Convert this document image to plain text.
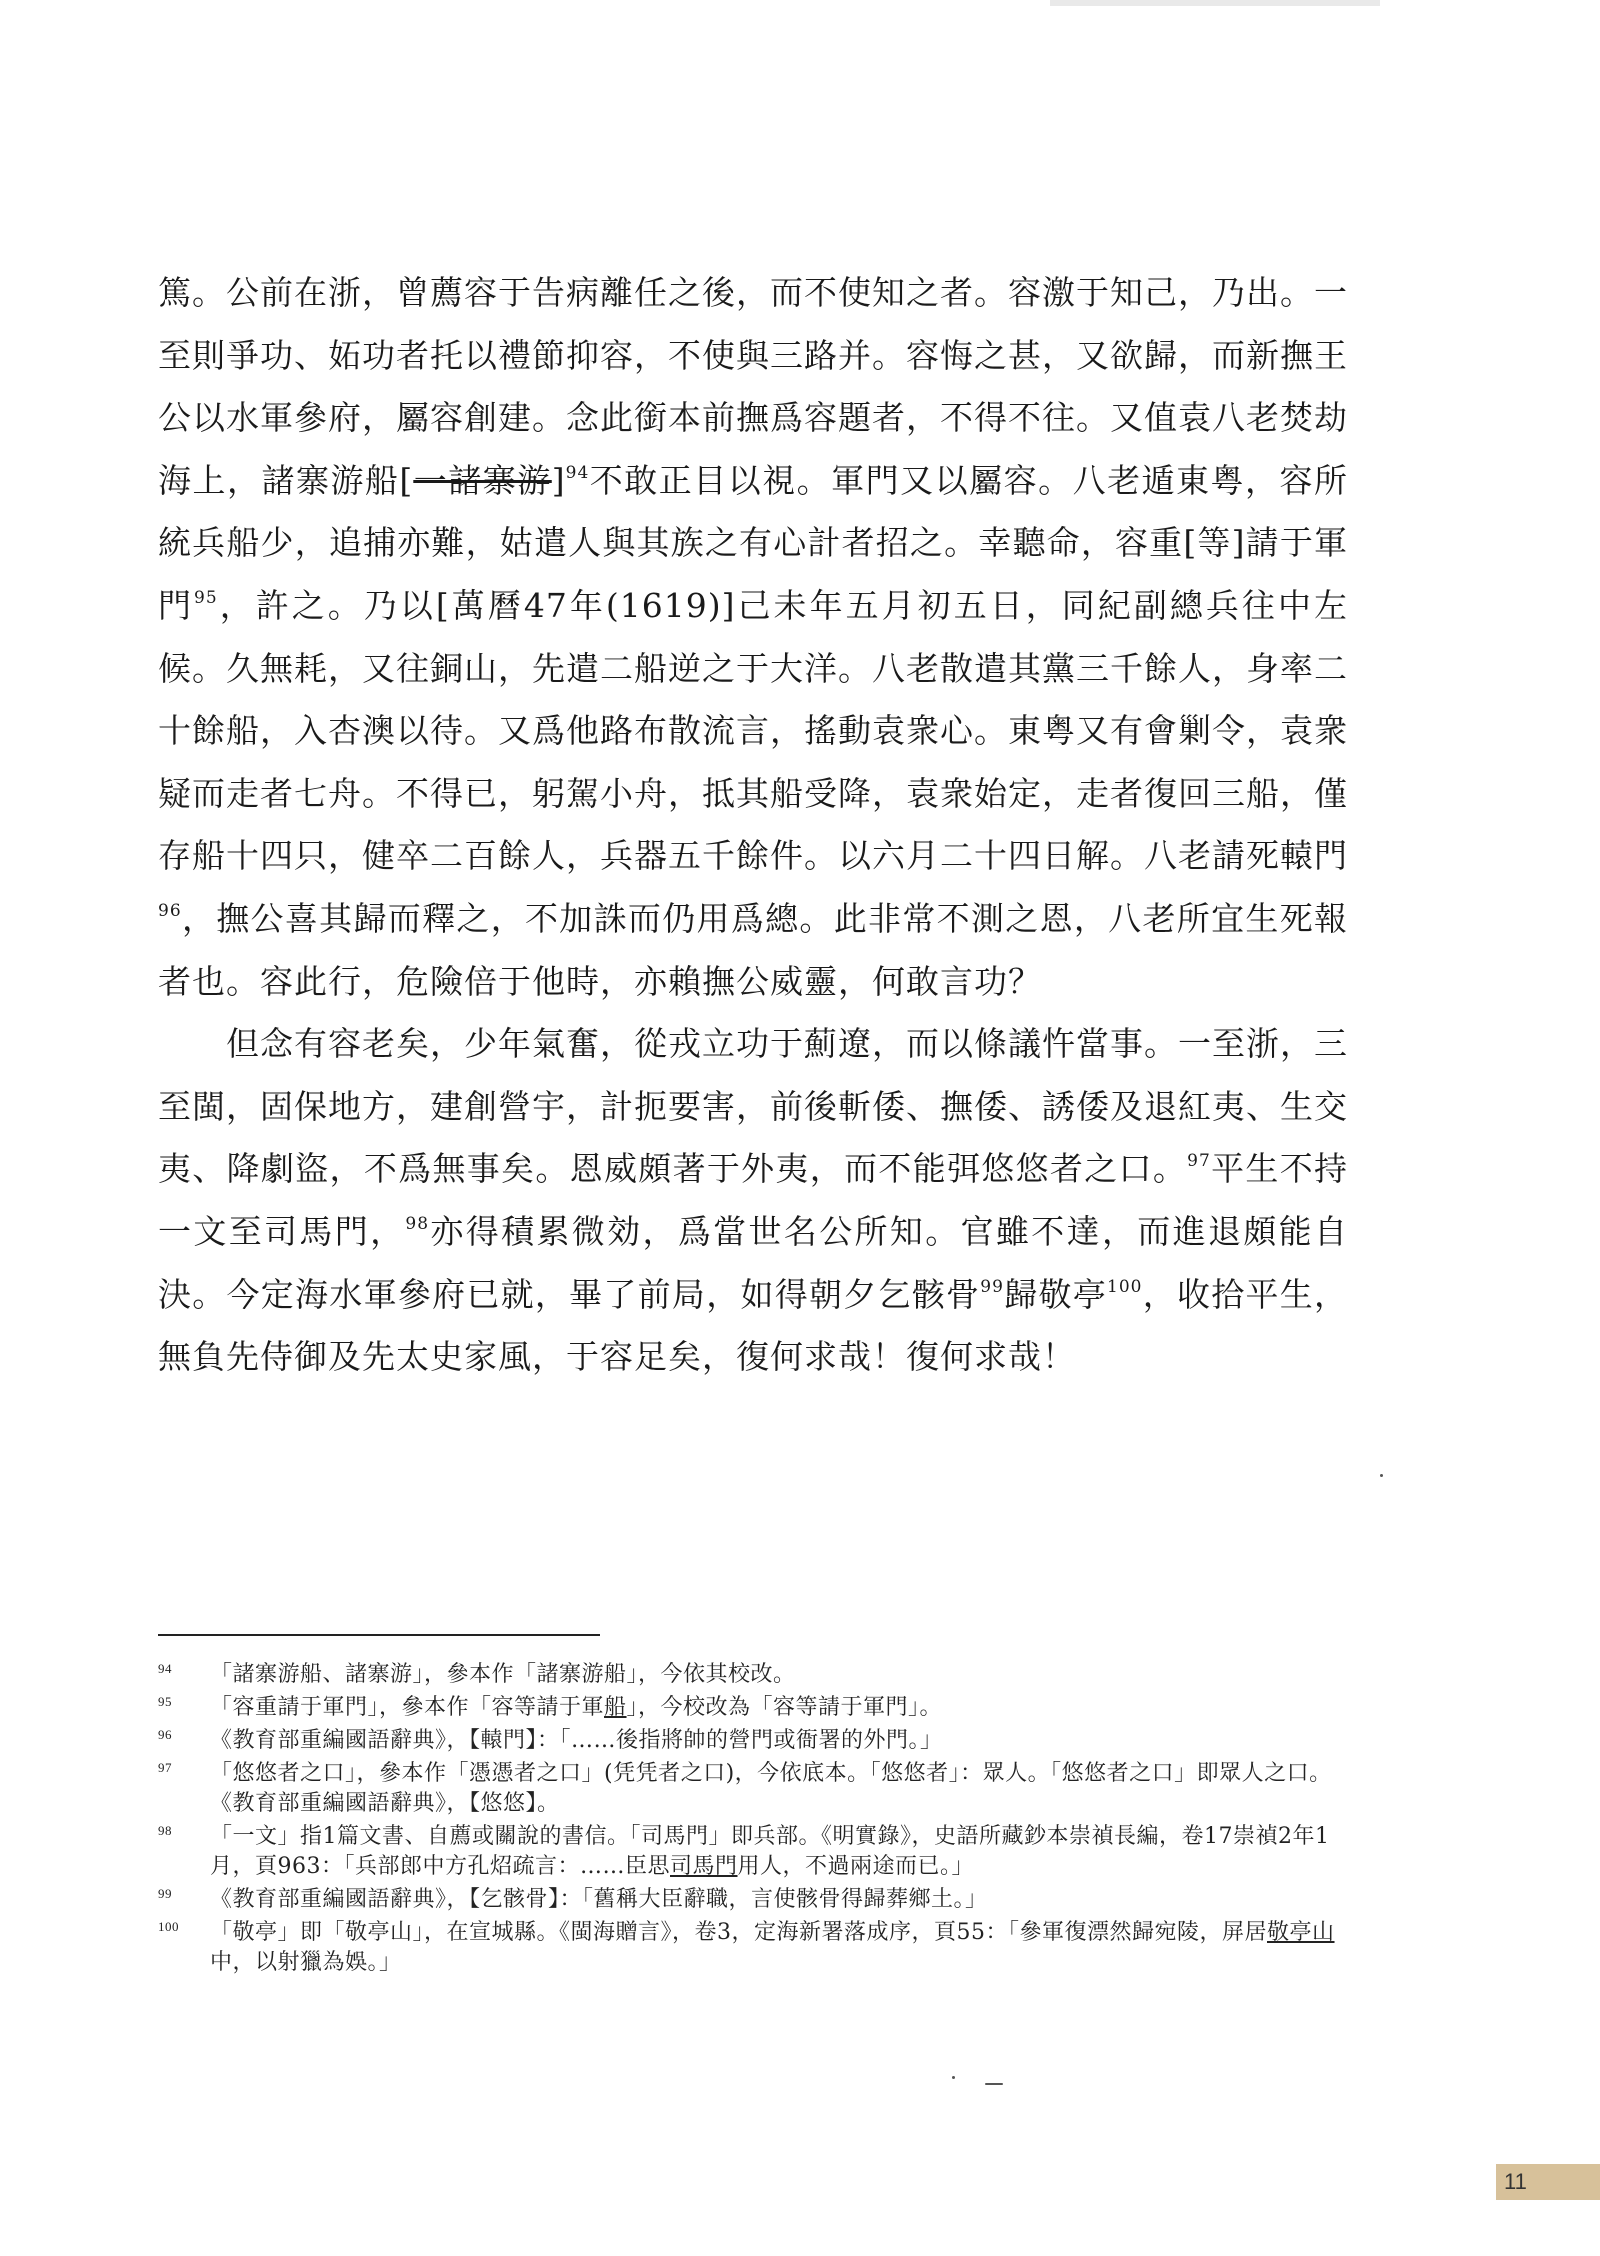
篤。公前在浙，曾薦容于告病離任之後，而不使知之者。容激于知己，乃出。一至則爭功、妬功者托以禮節抑容，不使與三路并。容悔之甚，又欲歸，而新撫王公以水軍參府，屬容創建。念此銜本前撫爲容題者，不得不往。又值袁八老焚劫海上，諸寨游船[一諸寨游]$^{94}$不敢正目以視。軍門又以屬容。八老遁東粤，容所統兵船少，追捕亦難，姑遣人與其族之有心計者招之。幸聽命，容重[等]請于軍門$^{95}$，許之。乃以[萬曆47年(1619)]己未年五月初五日，同紀副總兵往中左候。久無耗，又往銅山，先遣二船逆之于大洋。八老散遣其黨三千餘人，身率二十餘船，入杏澳以待。又爲他路布散流言，搖動袁衆心。東粤又有會剿令，袁衆疑而走者七舟。不得已，躬駕小舟，抵其船受降，袁衆始定，走者復回三船，僅存船十四只，健卒二百餘人，兵器五千餘件。以六月二十四日解。八老請死轅門$^{96}$，撫公喜其歸而釋之，不加誅而仍用爲總。此非常不測之恩，八老所宜生死報者也。容此行，危險倍于他時，亦賴撫公威靈，何敢言功？

但念有容老矣，少年氣奮，從戎立功于薊遼，而以條議忤當事。一至浙，三至閩，固保地方，建創營宇，計扼要害，前後斬倭、撫倭、誘倭及退紅夷、生交夷、降劇盜，不爲無事矣。恩威頗著于外夷，而不能弭悠悠者之口。$^{97}$平生不持一文至司馬門，$^{98}$亦得積累微効，爲當世名公所知。官雖不達，而進退頗能自決。今定海水軍參府已就，畢了前局，如得朝夕乞骸骨$^{99}$歸敬亭$^{100}$，收拾平生，無負先侍御及先太史家風，于容足矣，復何求哉！復何求哉！

94 「諸寨游船、諸寨游」，參本作「諸寨游船」，今依其校改。
95 「容重請于軍門」，參本作「容等請于軍船」，今校改為「容等請于軍門」。
96 《教育部重編國語辭典》，【轅門】：「……後指將帥的營門或衙署的外門。」
97 「悠悠者之口」，參本作「憑憑者之口」(凭凭者之口)，今依底本。「悠悠者」：眾人。「悠悠者之口」即眾人之口。《教育部重編國語辭典》，【悠悠】。
98 「一文」指1篇文書、自薦或關說的書信。「司馬門」即兵部。《明實錄》，史語所藏鈔本崇禎長編，卷17崇禎2年1月，頁963：「兵部郎中方孔炤疏言：……臣思司馬門用人，不過兩途而已。」
99 《教育部重編國語辭典》，【乞骸骨】：「舊稱大臣辭職，言使骸骨得歸葬鄉土。」
100 「敬亭」即「敬亭山」，在宣城縣。《閩海贈言》，卷3，定海新署落成序，頁55：「參軍復漂然歸宛陵，屏居敬亭山中，以射獵為娛。」
11
